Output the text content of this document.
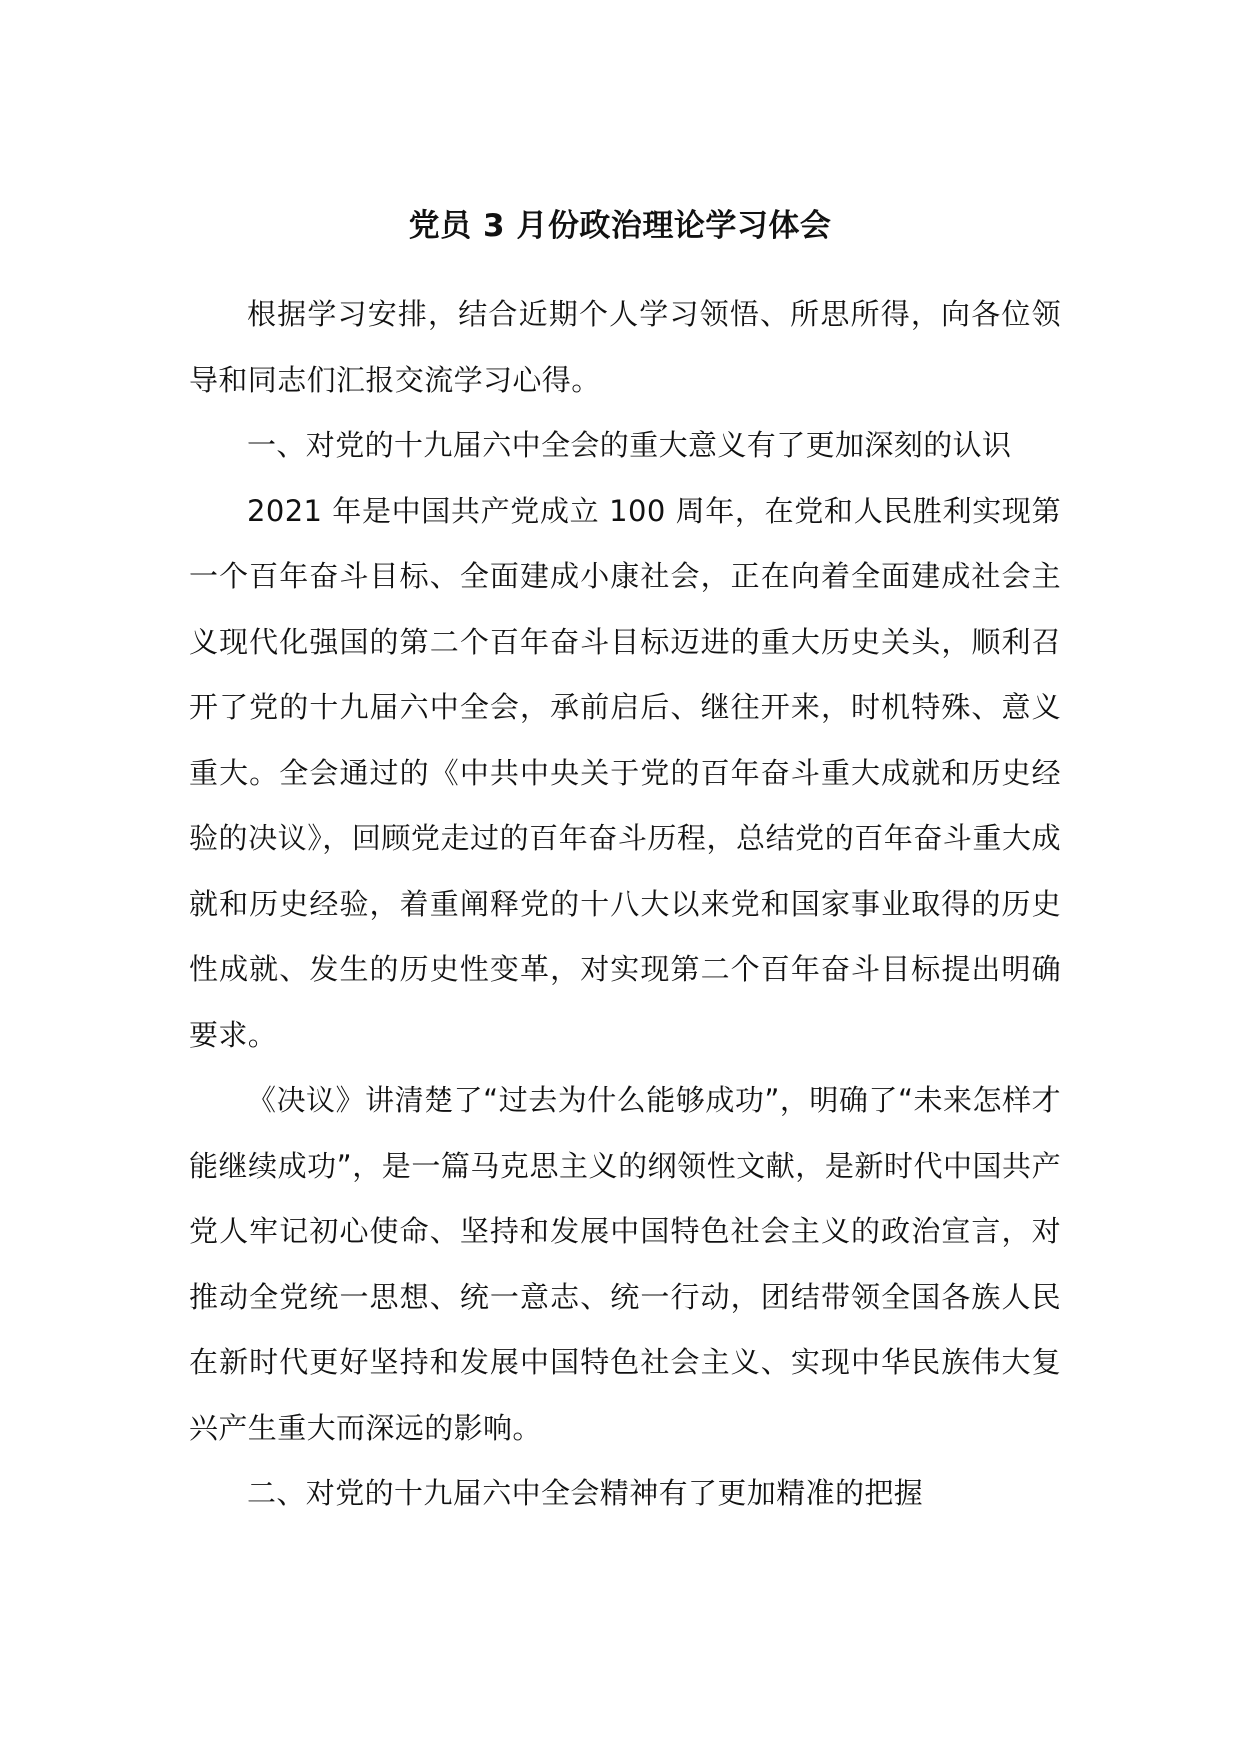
党员 3 月份政治理论学习体会

根据学习安排，结合近期个人学习领悟、所思所得，向各位领导和同志们汇报交流学习心得。

一、对党的十九届六中全会的重大意义有了更加深刻的认识

2021 年是中国共产党成立 100 周年，在党和人民胜利实现第一个百年奋斗目标、全面建成小康社会，正在向着全面建成社会主义现代化强国的第二个百年奋斗目标迈进的重大历史关头，顺利召开了党的十九届六中全会，承前启后、继往开来，时机特殊、意义重大。全会通过的《中共中央关于党的百年奋斗重大成就和历史经验的决议》，回顾党走过的百年奋斗历程，总结党的百年奋斗重大成就和历史经验，着重阐释党的十八大以来党和国家事业取得的历史性成就、发生的历史性变革，对实现第二个百年奋斗目标提出明确要求。

《决议》讲清楚了“过去为什么能够成功”，明确了“未来怎样才能继续成功”，是一篇马克思主义的纲领性文献，是新时代中国共产党人牢记初心使命、坚持和发展中国特色社会主义的政治宣言，对推动全党统一思想、统一意志、统一行动，团结带领全国各族人民在新时代更好坚持和发展中国特色社会主义、实现中华民族伟大复兴产生重大而深远的影响。

二、对党的十九届六中全会精神有了更加精准的把握
